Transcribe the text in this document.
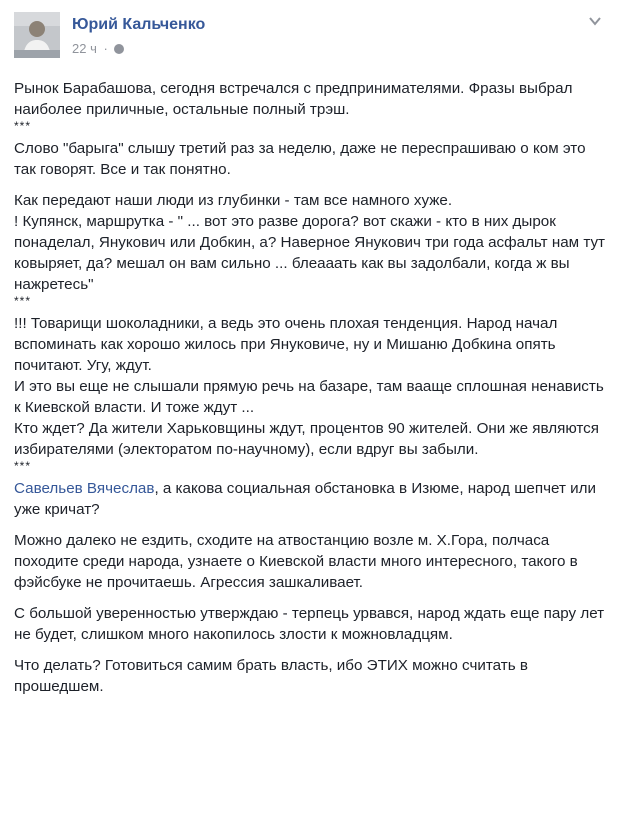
Юрий Кальченко
22 ч ·

Рынок Барабашова, сегодня встречался с предпринимателями. Фразы выбрал наиболее приличные, остальные полный трэш.

***

Слово "барыга" слышу третий раз за неделю, даже не переспрашиваю о ком это так говорят. Все и так понятно.

Как передают наши люди из глубинки - там все намного хуже.

! Купянск, маршрутка - " ... вот это разве дорога? вот скажи - кто в них дырок понаделал, Янукович или Добкин, а? Наверное Янукович три года асфальт нам тут ковыряет, да? мешал он вам сильно ... блеааать как вы задолбали, когда ж вы нажретесь"

***

!!! Товарищи шоколадники, а ведь это очень плохая тенденция. Народ начал вспоминать как хорошо жилось при Януковиче, ну и Мишаню Добкина опять почитают. Угу, ждут.

И это вы еще не слышали прямую речь на базаре, там вааще сплошная ненависть к Киевской власти. И тоже ждут ...

Кто ждет? Да жители Харьковщины ждут, процентов 90 жителей. Они же являются избирателями (электоратом по-научному), если вдруг вы забыли.

***

Савельев Вячеслав, а какова социальная обстановка в Изюме, народ шепчет или уже кричат?

Можно далеко не ездить, сходите на атвостанцию возле м. Х.Гора, полчаса походите среди народа, узнаете о Киевской власти много интересного, такого в фэйсбуке не прочитаешь. Агрессия зашкаливает.

С большой уверенностью утверждаю - терпець урвався, народ ждать еще пару лет не будет, слишком много накопилось злости к можновладцям.

Что делать? Готовиться самим брать власть, ибо ЭТИХ можно считать в прошедшем.
